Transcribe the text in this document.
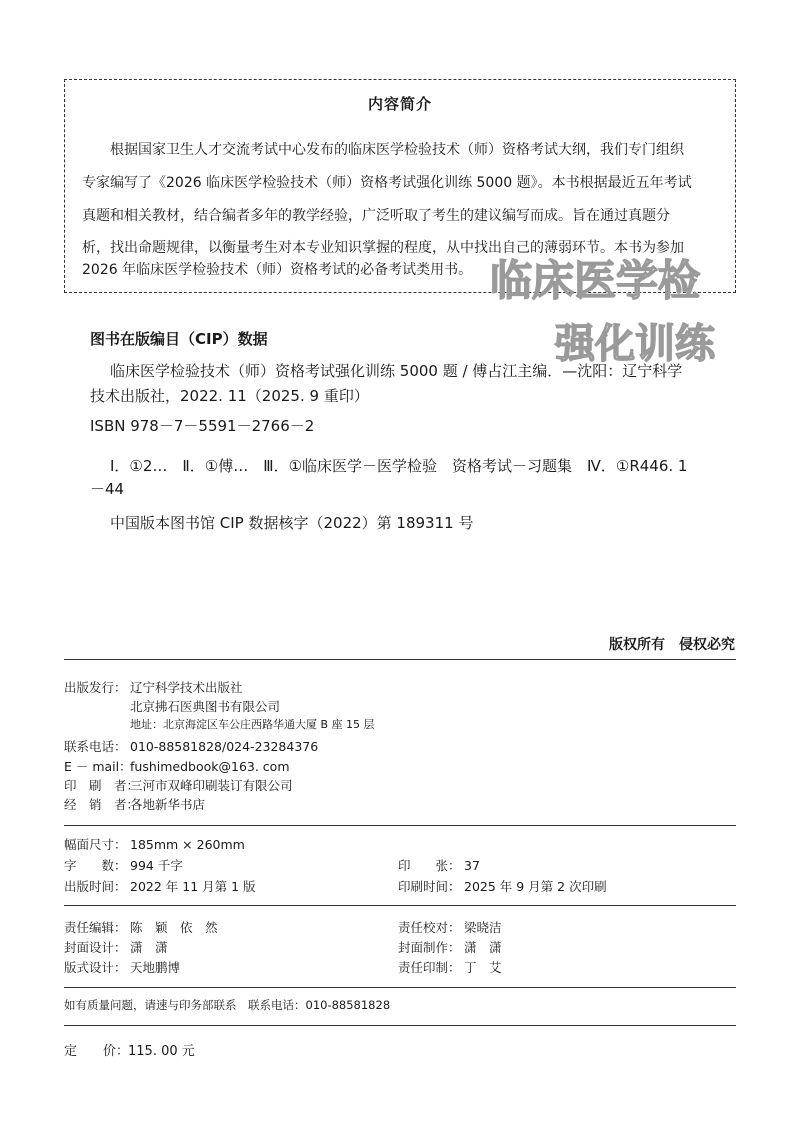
内容简介
根据国家卫生人才交流考试中心发布的临床医学检验技术（师）资格考试大纲，我们专门组织
专家编写了《2026 临床医学检验技术（师）资格考试强化训练 5000 题》。本书根据最近五年考试
真题和相关教材，结合编者多年的教学经验，广泛听取了考生的建议编写而成。旨在通过真题分
析，找出命题规律，以衡量考生对本专业知识掌握的程度，从中找出自己的薄弱环节。本书为参加
2026 年临床医学检验技术（师）资格考试的必备考试类用书。 临床医学检
强化训练
图书在版编目（CIP）数据
临床医学检验技术（师）资格考试强化训练 5000 题 / 傅占江主编．—沈阳：辽宁科学
技术出版社，2022. 11（2025. 9 重印）
ISBN 978－7－5591－2766－2
Ⅰ．①2…　Ⅱ．①傅…　Ⅲ．①临床医学－医学检验　资格考试－习题集　Ⅳ．①R446. 1
－44
中国版本图书馆 CIP 数据核字（2022）第 189311 号
版权所有　侵权必究
出版发行： 辽宁科学技术出版社
北京拂石医典图书有限公司
地址：北京海淀区车公庄西路华通大厦 B 座 15 层
联系电话： 010-88581828/024-23284376
E － mail：fushimedbook@163. com
印　刷　者：三河市双峰印刷装订有限公司
经　销　者：各地新华书店
幅面尺寸： 185mm × 260mm
字　　数： 994 千字	印　　张： 37
出版时间： 2022 年 11 月第 1 版	印刷时间： 2025 年 9 月第 2 次印刷
责任编辑： 陈　颖　依　然	责任校对： 梁晓洁
封面设计： 潇　潇	封面制作： 潇　潇
版式设计： 天地鹏博	责任印制： 丁　艾
如有质量问题，请速与印务部联系　联系电话：010-88581828
定　　价：115. 00 元
